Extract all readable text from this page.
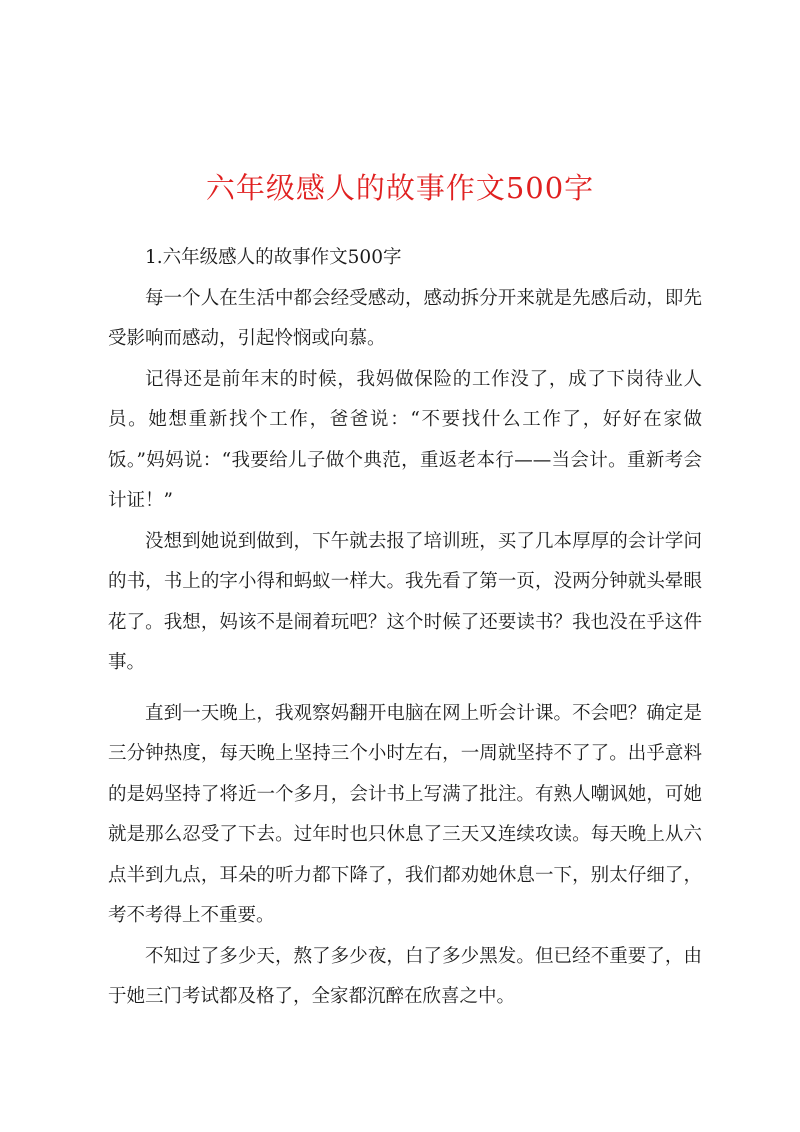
六年级感人的故事作文500字

1.六年级感人的故事作文500字

每一个人在生活中都会经受感动，感动拆分开来就是先感后动，即先受影响而感动，引起怜悯或向慕。

记得还是前年末的时候，我妈做保险的工作没了，成了下岗待业人员。她想重新找个工作，爸爸说：“不要找什么工作了，好好在家做饭。”妈妈说：“我要给儿子做个典范，重返老本行——当会计。重新考会计证！”

没想到她说到做到，下午就去报了培训班，买了几本厚厚的会计学问的书，书上的字小得和蚂蚁一样大。我先看了第一页，没两分钟就头晕眼花了。我想，妈该不是闹着玩吧？这个时候了还要读书？我也没在乎这件事。

直到一天晚上，我观察妈翻开电脑在网上听会计课。不会吧？确定是三分钟热度，每天晚上坚持三个小时左右，一周就坚持不了了。出乎意料的是妈坚持了将近一个多月，会计书上写满了批注。有熟人嘲讽她，可她就是那么忍受了下去。过年时也只休息了三天又连续攻读。每天晚上从六点半到九点，耳朵的听力都下降了，我们都劝她休息一下，别太仔细了，考不考得上不重要。

不知过了多少天，熬了多少夜，白了多少黑发。但已经不重要了，由于她三门考试都及格了，全家都沉醉在欣喜之中。
